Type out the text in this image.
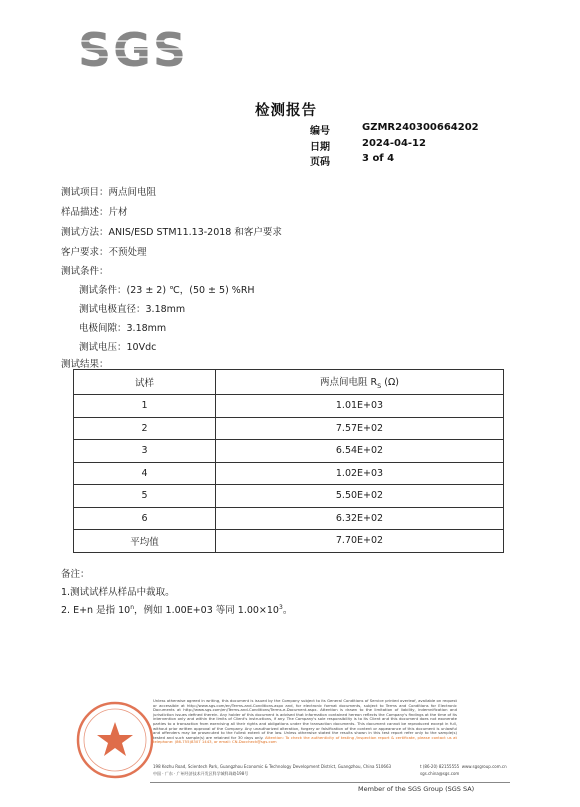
SGS
检测报告
编号	GZMR240300664202
日期	2024-04-12
页码	3 of 4
测试项目：两点间电阻
样品描述：片材
测试方法：ANIS/ESD STM11.13-2018 和客户要求
客户要求：不预处理
测试条件：
测试条件：(23 ± 2) ℃，(50 ± 5) %RH
测试电极直径：3.18mm
电极间隙：3.18mm
测试电压：10Vdc
测试结果：
试样	两点间电阻 $R_S$ (Ω)
1	1.01E+03
2	7.57E+02
3	6.54E+02
4	1.02E+03
5	5.50E+02
6	6.32E+02
平均值	7.70E+02
备注：
1.测试试样从样品中裁取。
2. E+n 是指 10$^n$，例如 1.00E+03 等同 $1.00\times 10^3$。
Unless otherwise agreed in writing, this document is issued by the Company subject to its General Conditions of Service printed overleaf, available on request or accessible at http://www.sgs.com/en/Terms-and-Conditions.aspx and, for electronic format documents, subject to Terms and Conditions for Electronic Documents at http://www.sgs.com/en/Terms-and-Conditions/Terms-e-Document.aspx. Attention is drawn to the limitation of liability, indemnification and jurisdiction issues defined therein. Any holder of this document is advised that information contained hereon reflects the Company's findings at the time of its intervention only and within the limits of Client's instructions, if any. The Company's sole responsibility is to its Client and this document does not exonerate parties to a transaction from exercising all their rights and obligations under the transaction documents. This document cannot be reproduced except in full, without prior written approval of the Company. Any unauthorized alteration, forgery or falsification of the content or appearance of this document is unlawful and offenders may be prosecuted to the fullest extent of the law. Unless otherwise stated the results shown in this test report refer only to the sample(s) tested and such sample(s) are retained for 30 days only. Attention: To check the authenticity of testing /inspection report & certificate, please contact us at telephone: (86-755)8307 1443, or email: CN.Doccheck@sgs.com
198 Kezhu Road, Scientech Park, Guangzhou Economic & Technology Development District, Guangzhou, China 510663
中国 · 广东 · 广州经济技术开发区科学城科珠路198号
t (86-20) 82155555 www.sgsgroup.com.cn
sgs.china@sgs.com
Member of the SGS Group (SGS SA)
